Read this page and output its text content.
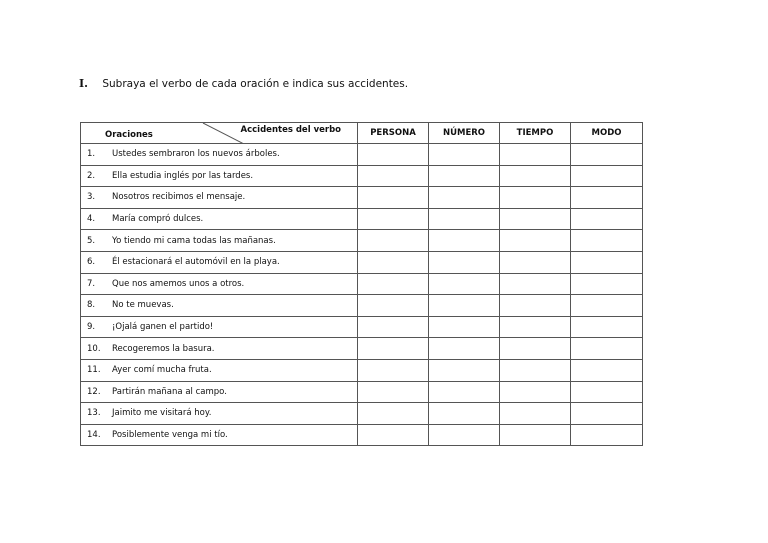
I. Subraya el verbo de cada oración e indica sus accidentes.
Oraciones Accidentes del verbo	PERSONA	NÚMERO	TIEMPO	MODO
1. Ustedes sembraron los nuevos árboles.				
2. Ella estudia inglés por las tardes.				
3. Nosotros recibimos el mensaje.				
4. María compró dulces.				
5. Yo tiendo mi cama todas las mañanas.				
6. Él estacionará el automóvil en la playa.				
7. Que nos amemos unos a otros.				
8. No te muevas.				
9. ¡Ojalá ganen el partido!				
10. Recogeremos la basura.				
11. Ayer comí mucha fruta.				
12. Partirán mañana al campo.				
13. Jaimito me visitará hoy.				
14. Posiblemente venga mi tío.				
